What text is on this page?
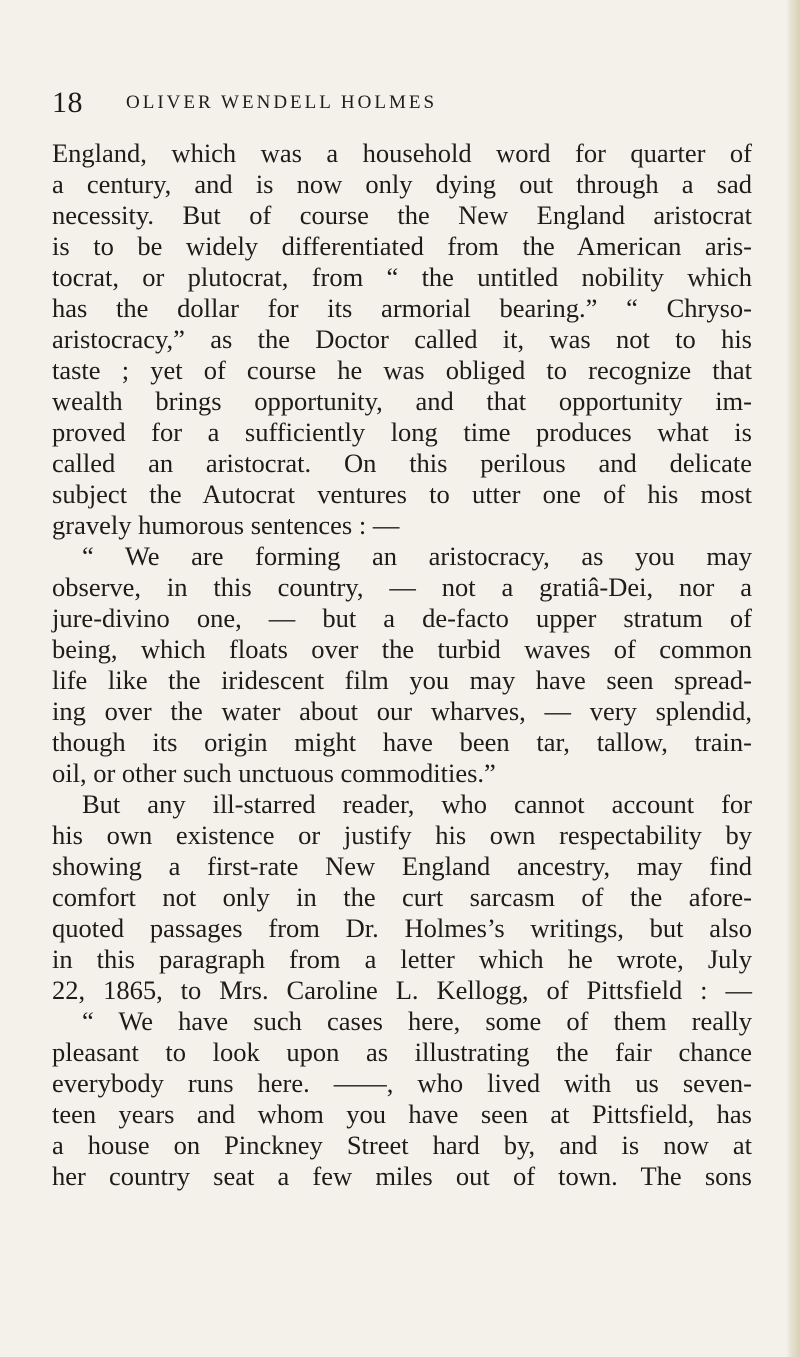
18 OLIVER WENDELL HOLMES
England, which was a household word for quarter of
a century, and is now only dying out through a sad
necessity. But of course the New England aristocrat
is to be widely differentiated from the American aris-
tocrat, or plutocrat, from “ the untitled nobility which
has the dollar for its armorial bearing.” “ Chryso-
aristocracy,” as the Doctor called it, was not to his
taste ; yet of course he was obliged to recognize that
wealth brings opportunity, and that opportunity im-
proved for a sufficiently long time produces what is
called an aristocrat. On this perilous and delicate
subject the Autocrat ventures to utter one of his most
gravely humorous sentences : —
“ We are forming an aristocracy, as you may
observe, in this country, — not a gratiâ-Dei, nor a
jure-divino one, — but a de-facto upper stratum of
being, which floats over the turbid waves of common
life like the iridescent film you may have seen spread-
ing over the water about our wharves, — very splendid,
though its origin might have been tar, tallow, train-
oil, or other such unctuous commodities.”
But any ill-starred reader, who cannot account for
his own existence or justify his own respectability by
showing a first-rate New England ancestry, may find
comfort not only in the curt sarcasm of the afore-
quoted passages from Dr. Holmes’s writings, but also
in this paragraph from a letter which he wrote, July
22, 1865, to Mrs. Caroline L. Kellogg, of Pittsfield : —
“ We have such cases here, some of them really
pleasant to look upon as illustrating the fair chance
everybody runs here. ——, who lived with us seven-
teen years and whom you have seen at Pittsfield, has
a house on Pinckney Street hard by, and is now at
her country seat a few miles out of town. The sons
